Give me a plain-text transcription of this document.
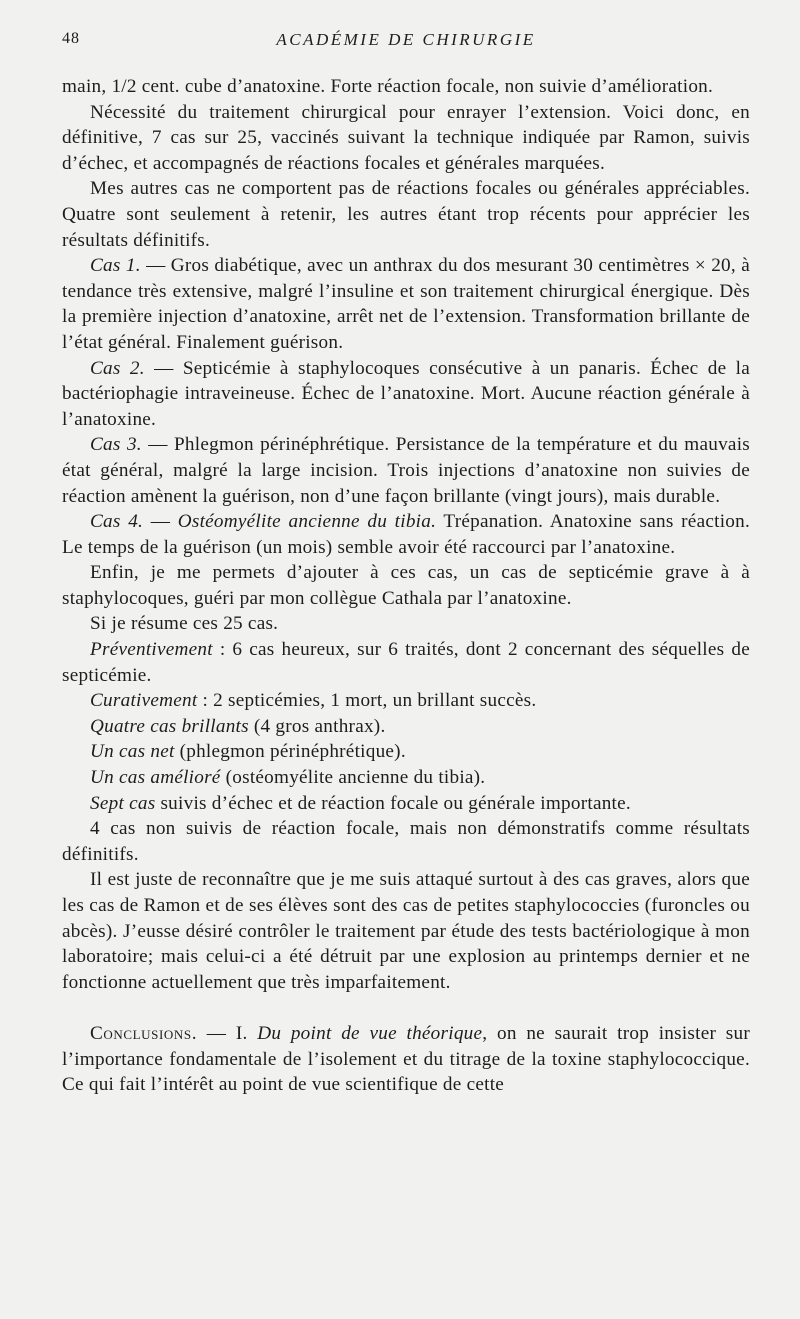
48	ACADÉMIE DE CHIRURGIE

main, 1/2 cent. cube d’anatoxine. Forte réaction focale, non suivie d’amélioration.

Nécessité du traitement chirurgical pour enrayer l’extension. Voici donc, en définitive, 7 cas sur 25, vaccinés suivant la technique indiquée par Ramon, suivis d’échec, et accompagnés de réactions focales et générales marquées.

Mes autres cas ne comportent pas de réactions focales ou générales appréciables. Quatre sont seulement à retenir, les autres étant trop récents pour apprécier les résultats définitifs.

Cas 1. — Gros diabétique, avec un anthrax du dos mesurant 30 centimètres × 20, à tendance très extensive, malgré l’insuline et son traitement chirurgical énergique. Dès la première injection d’anatoxine, arrêt net de l’extension. Transformation brillante de l’état général. Finalement guérison.

Cas 2. — Septicémie à staphylocoques consécutive à un panaris. Échec de la bactériophagie intraveineuse. Échec de l’anatoxine. Mort. Aucune réaction générale à l’anatoxine.

Cas 3. — Phlegmon périnéphrétique. Persistance de la température et du mauvais état général, malgré la large incision. Trois injections d’anatoxine non suivies de réaction amènent la guérison, non d’une façon brillante (vingt jours), mais durable.

Cas 4. — Ostéomyélite ancienne du tibia. Trépanation. Anatoxine sans réaction. Le temps de la guérison (un mois) semble avoir été raccourci par l’anatoxine.

Enfin, je me permets d’ajouter à ces cas, un cas de septicémie grave à à staphylocoques, guéri par mon collègue Cathala par l’anatoxine.

Si je résume ces 25 cas.

Préventivement : 6 cas heureux, sur 6 traités, dont 2 concernant des séquelles de septicémie.

Curativement : 2 septicémies, 1 mort, un brillant succès.

Quatre cas brillants (4 gros anthrax).

Un cas net (phlegmon périnéphrétique).

Un cas amélioré (ostéomyélite ancienne du tibia).

Sept cas suivis d’échec et de réaction focale ou générale importante.

4 cas non suivis de réaction focale, mais non démonstratifs comme résultats définitifs.

Il est juste de reconnaître que je me suis attaqué surtout à des cas graves, alors que les cas de Ramon et de ses élèves sont des cas de petites staphylococcies (furoncles ou abcès). J’eusse désiré contrôler le traitement par étude des tests bactériologique à mon laboratoire; mais celui-ci a été détruit par une explosion au printemps dernier et ne fonctionne actuellement que très imparfaitement.

Conclusions. — I. Du point de vue théorique, on ne saurait trop insister sur l’importance fondamentale de l’isolement et du titrage de la toxine staphylococcique. Ce qui fait l’intérêt au point de vue scientifique de cette
